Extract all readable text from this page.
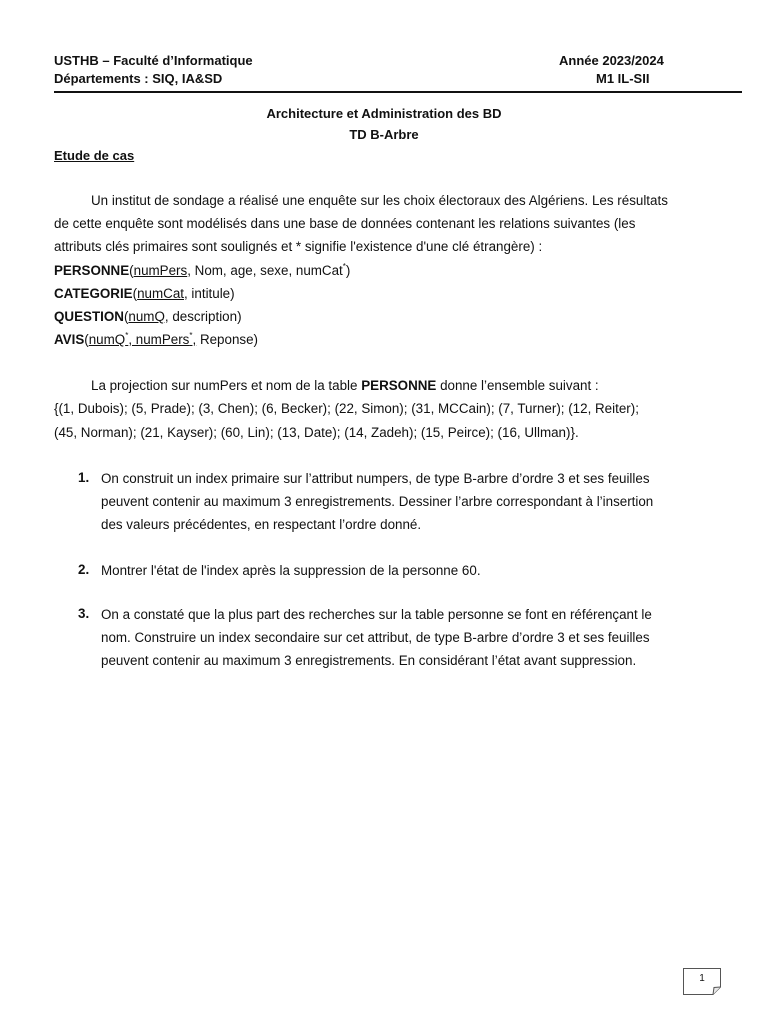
USTHB – Faculté d’Informatique
Départements : SIQ, IA&SD
Année 2023/2024
M1 IL-SII
Architecture et Administration des BD
TD B-Arbre
Etude de cas
Un institut de sondage a réalisé une enquête sur les choix électoraux des Algériens. Les résultats
de cette enquête sont modélisés dans une base de données contenant les relations suivantes (les
attributs clés primaires sont soulignés et * signifie l'existence d'une clé étrangère) :
PERSONNE(numPers, Nom, age, sexe, numCat*)
CATEGORIE(numCat, intitule)
QUESTION(numQ, description)
AVIS(numQ*, numPers*, Reponse)
La projection sur numPers et nom de la table PERSONNE donne l’ensemble suivant :
{(1, Dubois); (5, Prade); (3, Chen); (6, Becker); (22, Simon); (31, MCCain); (7, Turner); (12, Reiter);
(45, Norman); (21, Kayser); (60, Lin); (13, Date); (14, Zadeh); (15, Peirce); (16, Ullman)}.
1. On construit un index primaire sur l’attribut numpers, de type B-arbre d’ordre 3 et ses feuilles
peuvent contenir au maximum 3 enregistrements. Dessiner l’arbre correspondant à l’insertion
des valeurs précédentes, en respectant l’ordre donné.
2. Montrer l'état de l'index après la suppression de la personne 60.
3. On a constaté que la plus part des recherches sur la table personne se font en référençant le
nom. Construire un index secondaire sur cet attribut, de type B-arbre d’ordre 3 et ses feuilles
peuvent contenir au maximum 3 enregistrements. En considérant l’état avant suppression.
1
